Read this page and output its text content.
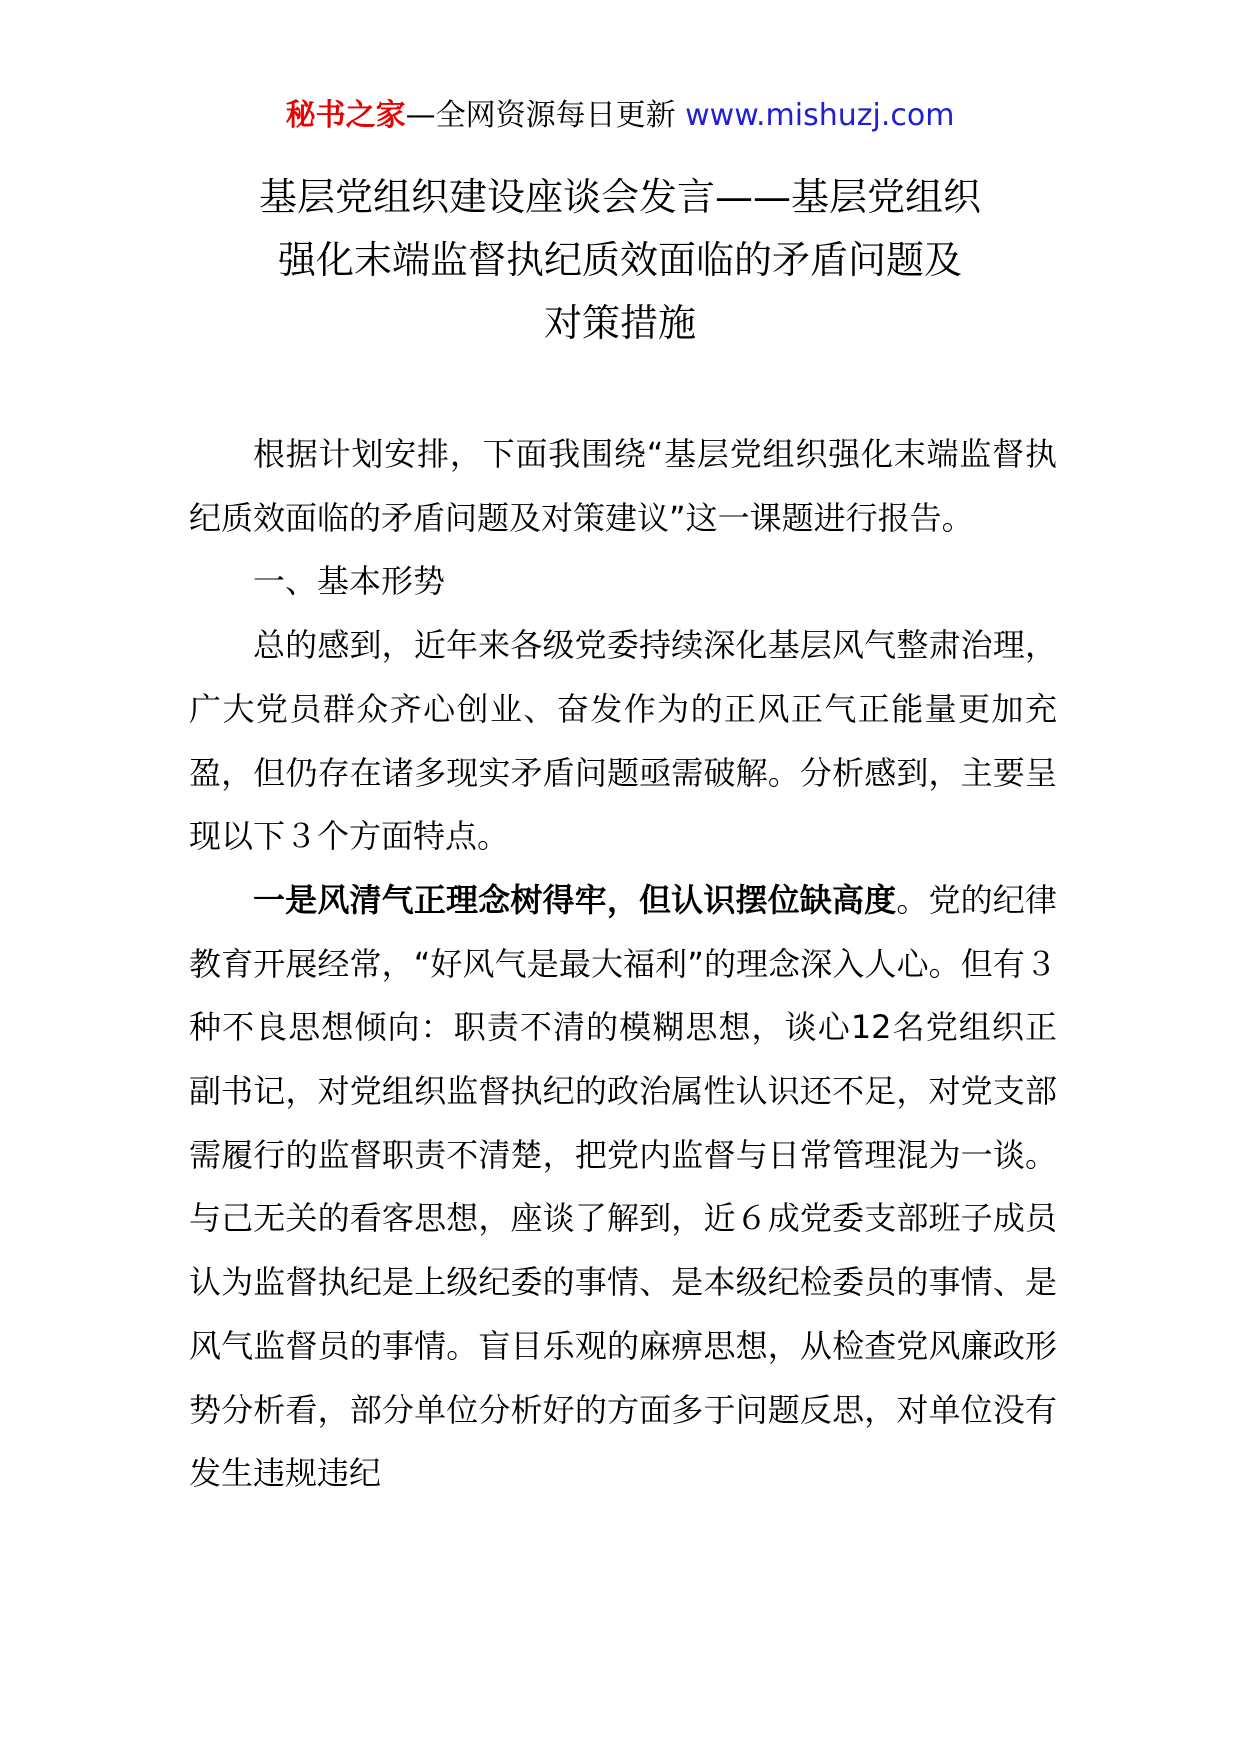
秘书之家—全网资源每日更新 www.mishuzj.com
基层党组织建设座谈会发言——基层党组织
强化末端监督执纪质效面临的矛盾问题及
对策措施

根据计划安排，下面我围绕“基层党组织强化末端监督执纪质效面临的矛盾问题及对策建议”这一课题进行报告。

一、基本形势

总的感到，近年来各级党委持续深化基层风气整肃治理，广大党员群众齐心创业、奋发作为的正风正气正能量更加充盈，但仍存在诸多现实矛盾问题亟需破解。分析感到，主要呈现以下３个方面特点。

一是风清气正理念树得牢，但认识摆位缺高度。党的纪律教育开展经常，“好风气是最大福利”的理念深入人心。但有３种不良思想倾向：职责不清的模糊思想，谈心12名党组织正副书记，对党组织监督执纪的政治属性认识还不足，对党支部需履行的监督职责不清楚，把党内监督与日常管理混为一谈。与己无关的看客思想，座谈了解到，近６成党委支部班子成员认为监督执纪是上级纪委的事情、是本级纪检委员的事情、是风气监督员的事情。盲目乐观的麻痹思想，从检查党风廉政形势分析看，部分单位分析好的方面多于问题反思，对单位没有发生违规违纪
